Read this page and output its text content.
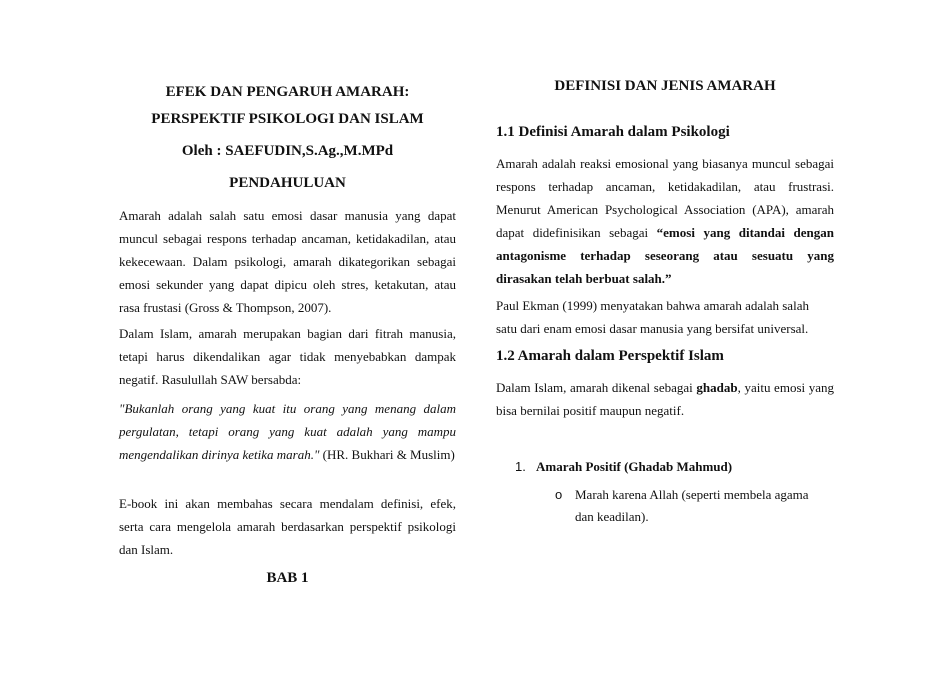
EFEK DAN PENGARUH AMARAH:

PERSPEKTIF PSIKOLOGI DAN ISLAM

Oleh : SAEFUDIN,S.Ag.,M.MPd

PENDAHULUAN

Amarah adalah salah satu emosi dasar manusia yang dapat muncul sebagai respons terhadap ancaman, ketidakadilan, atau kekecewaan. Dalam psikologi, amarah dikategorikan sebagai emosi sekunder yang dapat dipicu oleh stres, ketakutan, atau rasa frustasi (Gross & Thompson, 2007).

Dalam Islam, amarah merupakan bagian dari fitrah manusia, tetapi harus dikendalikan agar tidak menyebabkan dampak negatif. Rasulullah SAW bersabda:

"Bukanlah orang yang kuat itu orang yang menang dalam pergulatan, tetapi orang yang kuat adalah yang mampu mengendalikan dirinya ketika marah." (HR. Bukhari & Muslim)

E-book ini akan membahas secara mendalam definisi, efek, serta cara mengelola amarah berdasarkan perspektif psikologi dan Islam.

BAB 1

DEFINISI DAN JENIS AMARAH

1.1 Definisi Amarah dalam Psikologi

Amarah adalah reaksi emosional yang biasanya muncul sebagai respons terhadap ancaman, ketidakadilan, atau frustrasi. Menurut American Psychological Association (APA), amarah dapat didefinisikan sebagai “emosi yang ditandai dengan antagonisme terhadap seseorang atau sesuatu yang dirasakan telah berbuat salah.”

Paul Ekman (1999) menyatakan bahwa amarah adalah salah
satu dari enam emosi dasar manusia yang bersifat universal.

1.2 Amarah dalam Perspektif Islam

Dalam Islam, amarah dikenal sebagai ghadab, yaitu emosi yang bisa bernilai positif maupun negatif.

1. Amarah Positif (Ghadab Mahmud)
o Marah karena Allah (seperti membela agama
dan keadilan).
